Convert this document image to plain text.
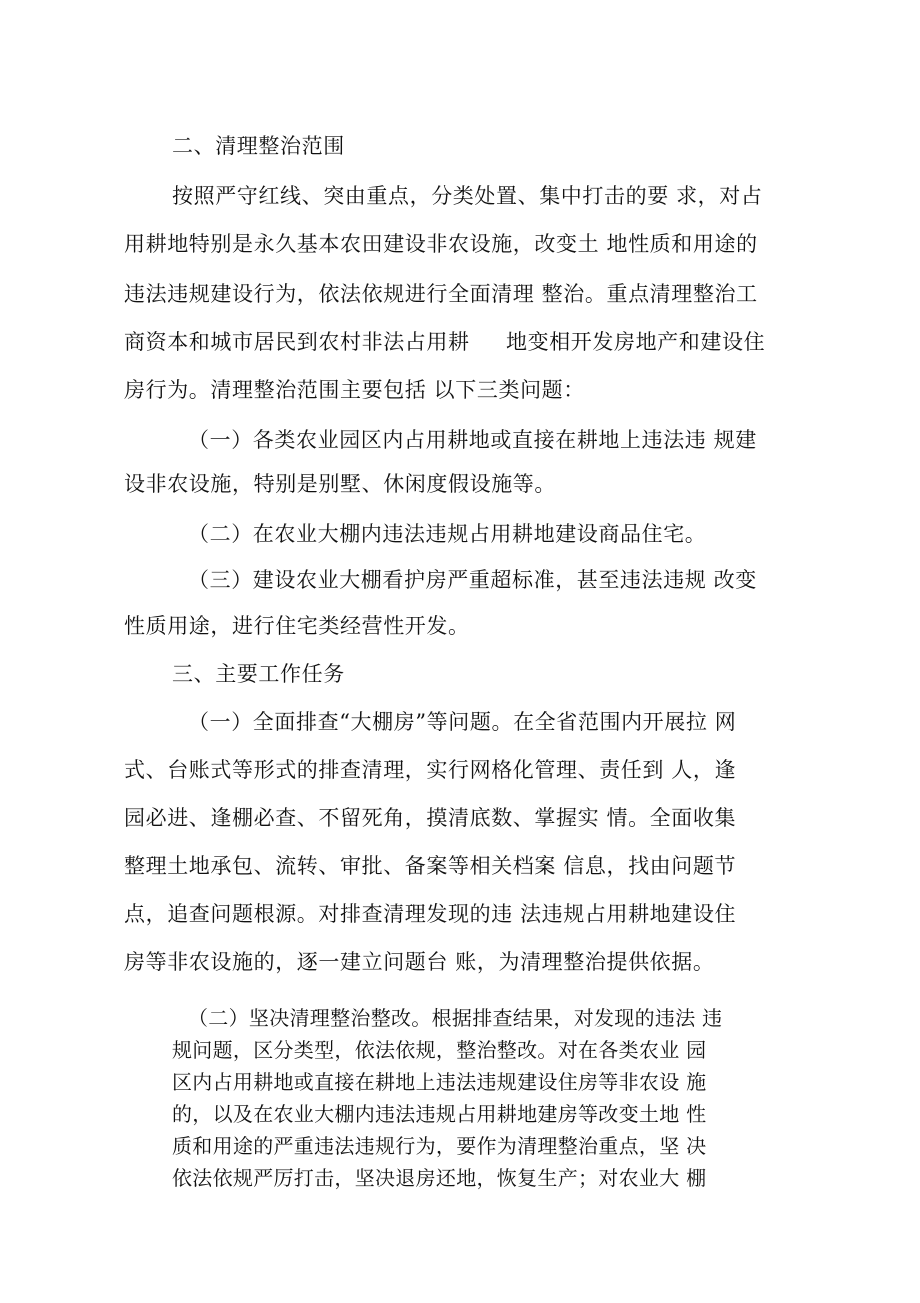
二、清理整治范围
按照严守红线、突由重点，分类处置、集中打击的要 求，对占
用耕地特别是永久基本农田建设非农设施，改变土 地性质和用途的
违法违规建设行为，依法依规进行全面清理 整治。重点清理整治工
商资本和城市居民到农村非法占用耕     地变相开发房地产和建设住
房行为。清理整治范围主要包括 以下三类问题：
（一）各类农业园区内占用耕地或直接在耕地上违法违 规建
设非农设施，特别是别墅、休闲度假设施等。
（二）在农业大棚内违法违规占用耕地建设商品住宅。
（三）建设农业大棚看护房严重超标准，甚至违法违规 改变
性质用途，进行住宅类经营性开发。
三、主要工作任务
（一）全面排查“大棚房”等问题。在全省范围内开展拉 网
式、台账式等形式的排查清理，实行网格化管理、责任到 人，逢
园必进、逢棚必查、不留死角，摸清底数、掌握实 情。全面收集
整理土地承包、流转、审批、备案等相关档案 信息，找由问题节
点，追查问题根源。对排查清理发现的违 法违规占用耕地建设住
房等非农设施的，逐一建立问题台 账，为清理整治提供依据。
（二）坚决清理整治整改。根据排查结果，对发现的违法 违
规问题，区分类型，依法依规，整治整改。对在各类农业 园
区内占用耕地或直接在耕地上违法违规建设住房等非农设 施
的，以及在农业大棚内违法违规占用耕地建房等改变土地 性
质和用途的严重违法违规行为，要作为清理整治重点，坚 决
依法依规严厉打击，坚决退房还地，恢复生产；对农业大 棚
